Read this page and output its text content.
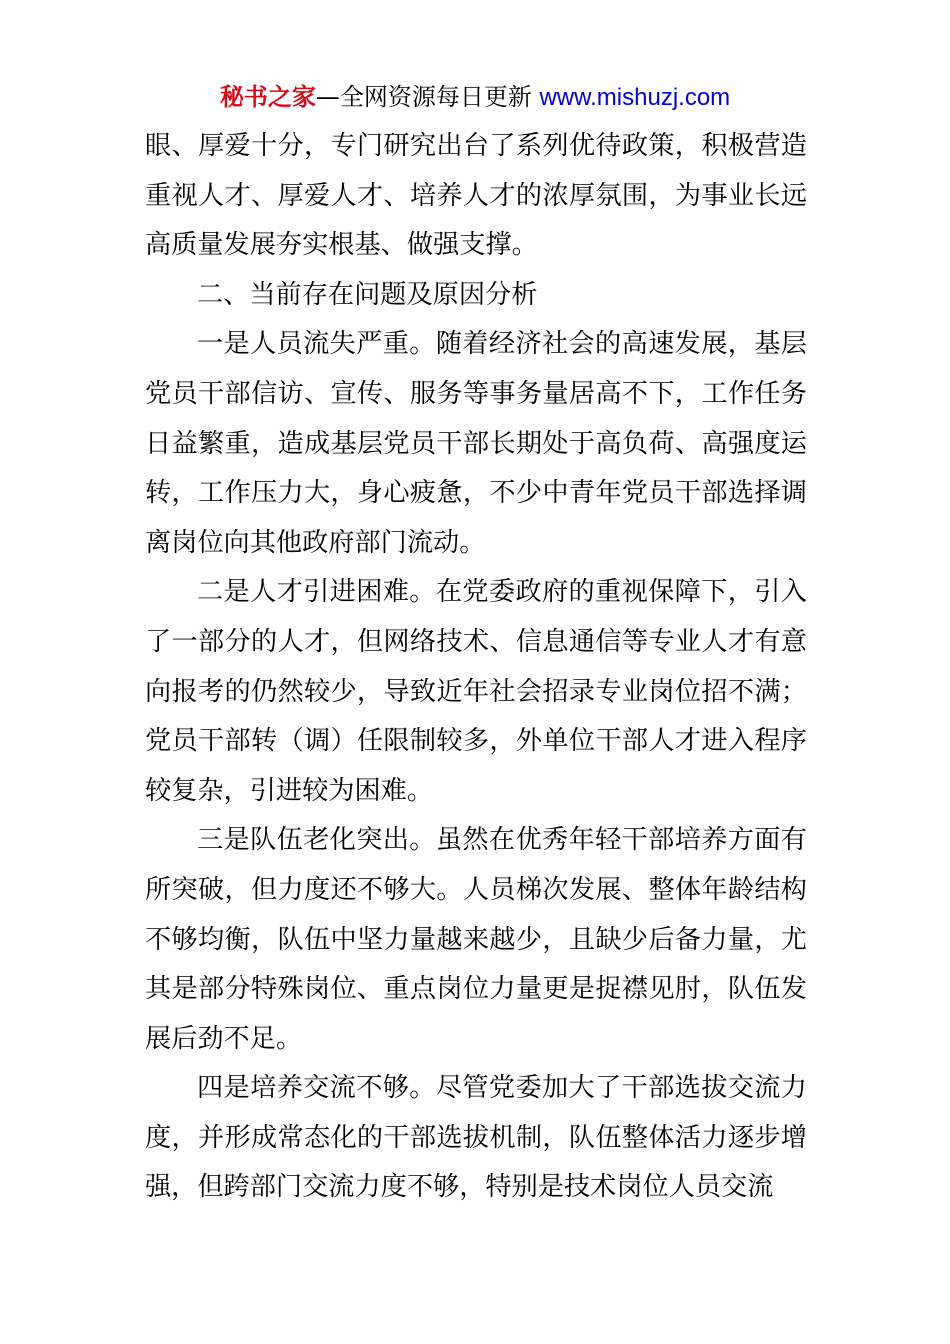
秘书之家—全网资源每日更新 www.mishuzj.com

眼、厚爱十分，专门研究出台了系列优待政策，积极营造重视人才、厚爱人才、培养人才的浓厚氛围，为事业长远高质量发展夯实根基、做强支撑。

二、当前存在问题及原因分析

一是人员流失严重。随着经济社会的高速发展，基层党员干部信访、宣传、服务等事务量居高不下，工作任务日益繁重，造成基层党员干部长期处于高负荷、高强度运转，工作压力大，身心疲惫，不少中青年党员干部选择调离岗位向其他政府部门流动。

二是人才引进困难。在党委政府的重视保障下，引入了一部分的人才，但网络技术、信息通信等专业人才有意向报考的仍然较少，导致近年社会招录专业岗位招不满；党员干部转（调）任限制较多，外单位干部人才进入程序较复杂，引进较为困难。

三是队伍老化突出。虽然在优秀年轻干部培养方面有所突破，但力度还不够大。人员梯次发展、整体年龄结构不够均衡，队伍中坚力量越来越少，且缺少后备力量，尤其是部分特殊岗位、重点岗位力量更是捉襟见肘，队伍发展后劲不足。

四是培养交流不够。尽管党委加大了干部选拔交流力度，并形成常态化的干部选拔机制，队伍整体活力逐步增强，但跨部门交流力度不够，特别是技术岗位人员交流
